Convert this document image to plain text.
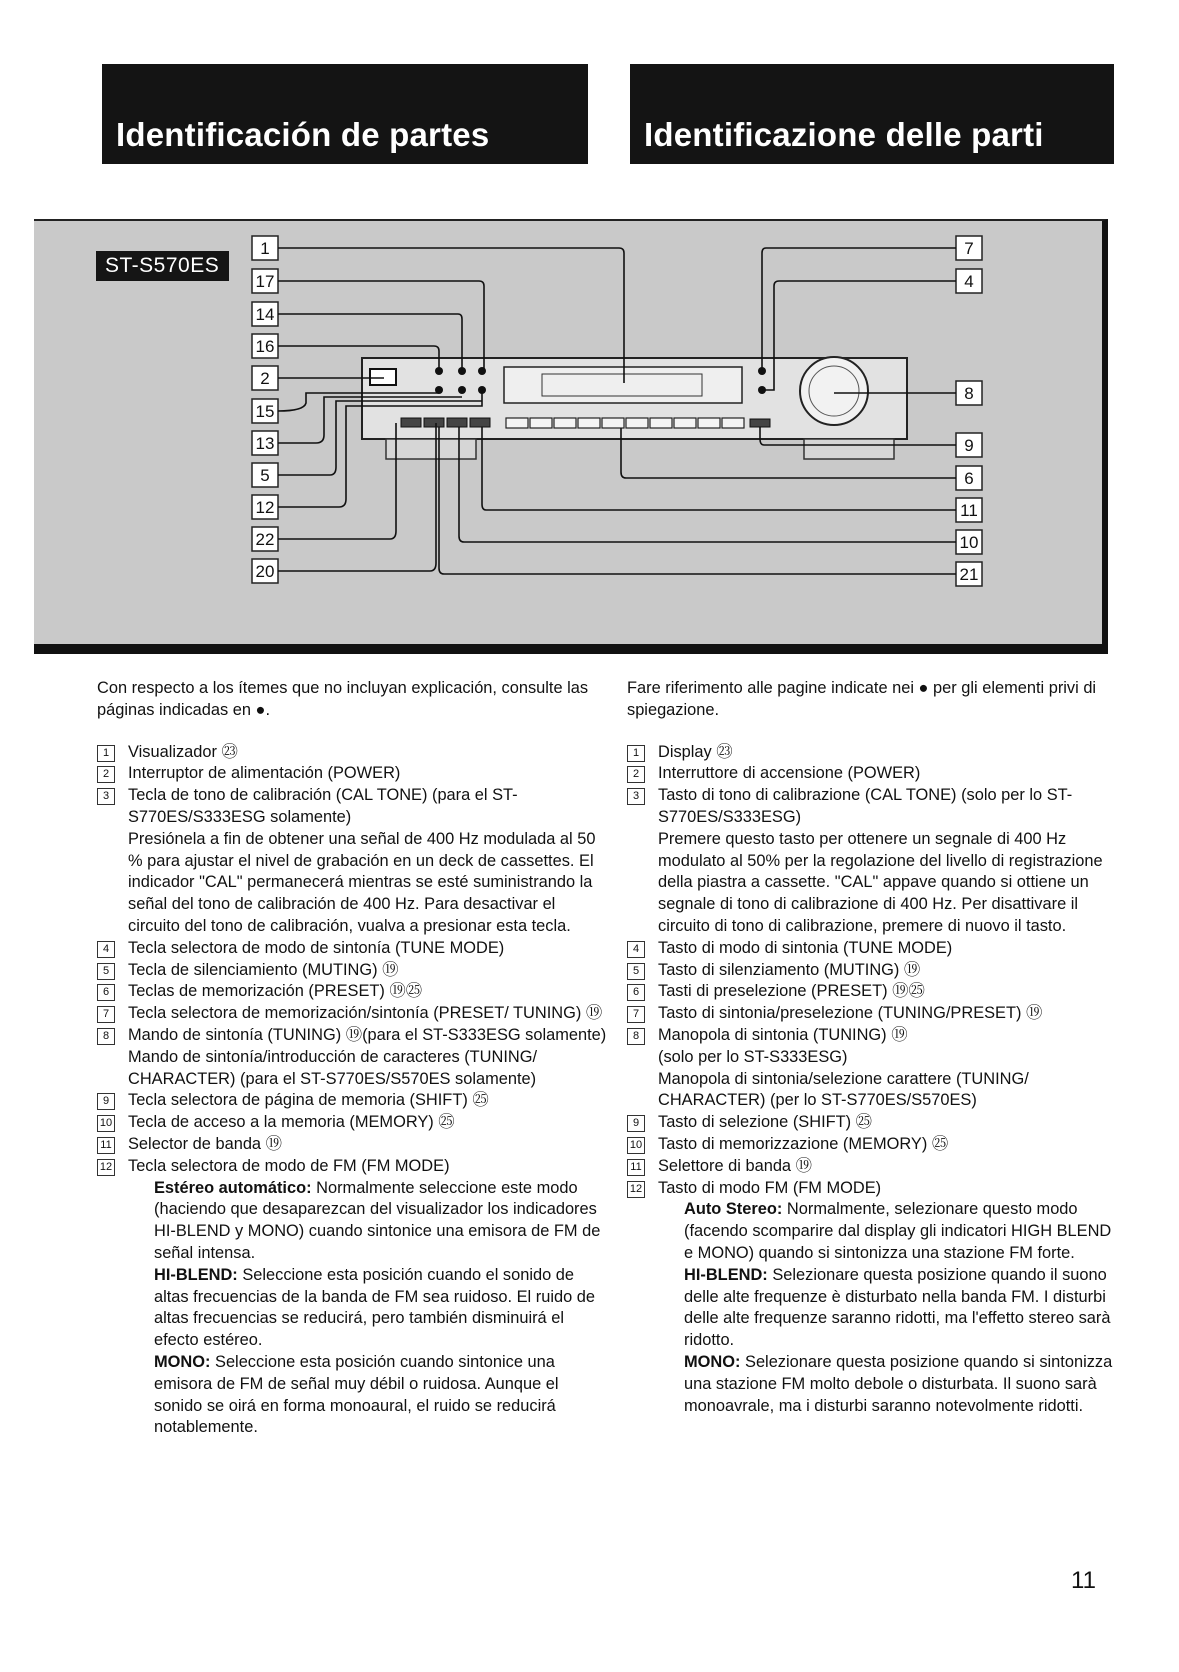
Identificación de partes	Identificazione delle parti
1
17
14
16
2
15
13
5
12
22
20
7
4
8
9
6
11
10
21
ST-S570ES
Con respecto a los ítemes que no incluyan explicación, consulte las páginas indicadas en ●.
1	Visualizador ㉓
2	Interruptor de alimentación (POWER)
3	Tecla de tono de calibración (CAL TONE) (para el ST-S770ES/S333ESG solamente)
Presiónela a fin de obtener una señal de 400 Hz modulada al 50 % para ajustar el nivel de grabación en un deck de cassettes. El indicador "CAL" permanecerá mientras se esté suministrando la señal del tono de calibración de 400 Hz. Para desactivar el circuito del tono de calibración, vualva a presionar esta tecla.
4	Tecla selectora de modo de sintonía (TUNE MODE)
5	Tecla de silenciamiento (MUTING) ⑲
6	Teclas de memorización (PRESET) ⑲㉕
7	Tecla selectora de memorización/sintonía (PRESET/ TUNING) ⑲
8	Mando de sintonía (TUNING) ⑲(para el ST-S333ESG solamente)
Mando de sintonía/introducción de caracteres (TUNING/ CHARACTER) (para el ST-S770ES/S570ES solamente)
9	Tecla selectora de página de memoria (SHIFT) ㉕
10 Tecla de acceso a la memoria (MEMORY) ㉕
11 Selector de banda ⑲
12 Tecla selectora de modo de FM (FM MODE)
Estéreo automático: Normalmente seleccione este modo (haciendo que desaparezcan del visualizador los indicadores HI-BLEND y MONO) cuando sintonice una emisora de FM de señal intensa.
HI-BLEND: Seleccione esta posición cuando el sonido de altas frecuencias de la banda de FM sea ruidoso. El ruido de altas frecuencias se reducirá, pero también disminuirá el efecto estéreo.
MONO: Seleccione esta posición cuando sintonice una emisora de FM de señal muy débil o ruidosa. Aunque el sonido se oirá en forma monoaural, el ruido se reducirá notablemente.
Fare riferimento alle pagine indicate nei ● per gli elementi privi di spiegazione.
1	Display ㉓
2	Interruttore di accensione (POWER)
3	Tasto di tono di calibrazione (CAL TONE) (solo per lo ST-S770ES/S333ESG)
Premere questo tasto per ottenere un segnale di 400 Hz modulato al 50% per la regolazione del livello di registrazione della piastra a cassette. "CAL" appave quando si ottiene un segnale di tono di calibrazione di 400 Hz. Per disattivare il circuito di tono di calibrazione, premere di nuovo il tasto.
4	Tasto di modo di sintonia (TUNE MODE)
5	Tasto di silenziamento (MUTING) ⑲
6	Tasti di preselezione (PRESET) ⑲㉕
7	Tasto di sintonia/preselezione (TUNING/PRESET) ⑲
8	Manopola di sintonia (TUNING) ⑲
(solo per lo ST-S333ESG)
Manopola di sintonia/selezione carattere (TUNING/ CHARACTER) (per lo ST-S770ES/S570ES)
9	Tasto di selezione (SHIFT) ㉕
10 Tasto di memorizzazione (MEMORY) ㉕
11 Selettore di banda ⑲
12 Tasto di modo FM (FM MODE)
Auto Stereo: Normalmente, selezionare questo modo (facendo scomparire dal display gli indicatori HIGH BLEND e MONO) quando si sintonizza una stazione FM forte.
HI-BLEND: Selezionare questa posizione quando il suono delle alte frequenze è disturbato nella banda FM. I disturbi delle alte frequenze saranno ridotti, ma l'effetto stereo sarà ridotto.
MONO: Selezionare questa posizione quando si sintonizza una stazione FM molto debole o disturbata. Il suono sarà monoavrale, ma i disturbi saranno notevolmente ridotti.
11
